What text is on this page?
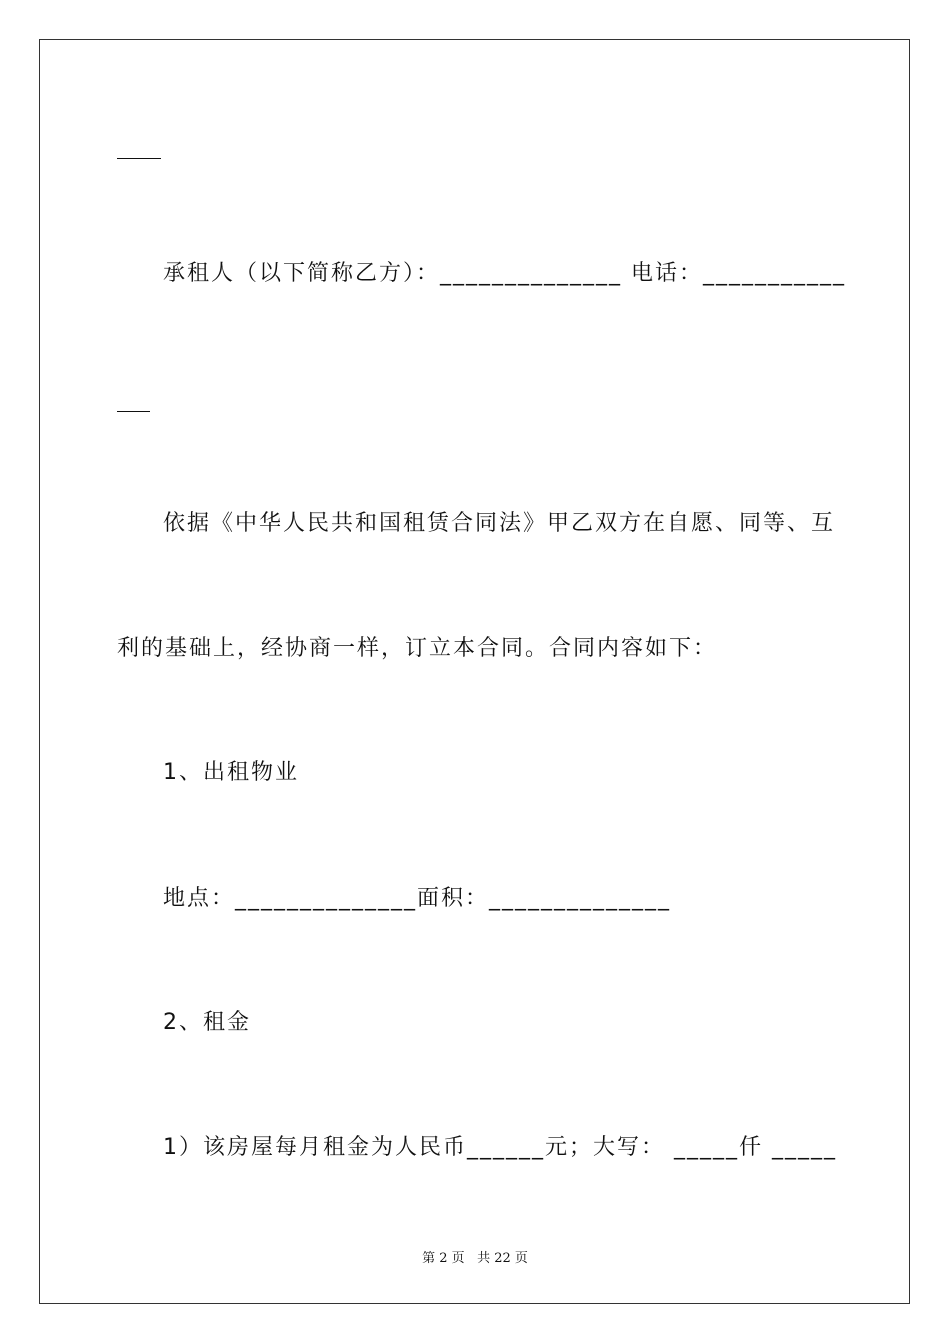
承租人（以下简称乙方）：______________ 电话：___________
依据《中华人民共和国租赁合同法》甲乙双方在自愿、同等、互
利的基础上，经协商一样，订立本合同。合同内容如下：
1、出租物业
地点：______________面积：______________
2、租金
1）该房屋每月租金为人民币______元；大写： _____仟 _____
第 2 页 共 22 页
